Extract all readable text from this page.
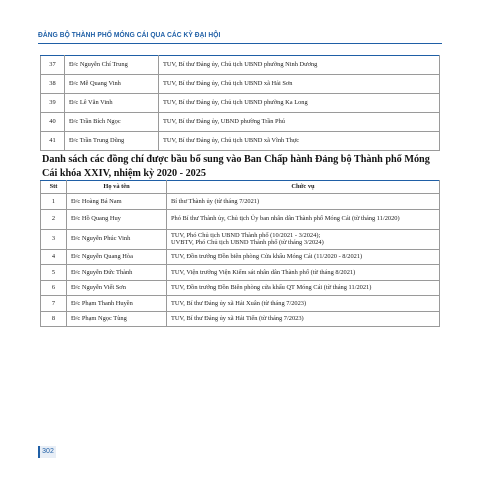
ĐẢNG BỘ THÀNH PHỐ MÓNG CÁI QUA CÁC KỲ ĐẠI HỘI
37	Đ/c Nguyễn Chí Trung	TUV, Bí thư Đảng ủy, Chủ tịch UBND phường Ninh Dương
38	Đ/c Mễ Quang Vinh	TUV, Bí thư Đảng ủy, Chủ tịch UBND xã Hải Sơn
39	Đ/c Lê Văn Vinh	TUV, Bí thư Đảng ủy, Chủ tịch UBND phường Ka Long
40	Đ/c Trần Bích Ngọc	TUV, Bí thư Đảng ủy, UBND phường Trần Phú
41	Đ/c Trần Trung Dũng	TUV, Bí thư Đảng ủy, Chủ tịch UBND xã Vĩnh Thực
Danh sách các đồng chí được bầu bổ sung vào Ban Chấp hành Đảng bộ Thành phố Móng Cái khóa XXIV, nhiệm kỳ 2020 - 2025
Stt	Họ và tên	Chức vụ
1	Đ/c Hoàng Bá Nam	Bí thư Thành ủy (từ tháng 7/2021)
2	Đ/c Hồ Quang Huy	Phó Bí thư Thành ủy, Chủ tịch Ủy ban nhân dân Thành phố Móng Cái (từ tháng 11/2020)
3	Đ/c Nguyễn Phúc Vinh	TUV, Phó Chủ tịch UBND Thành phố (10/2021 - 3/2024);
UVBTV, Phó Chủ tịch UBND Thành phố (từ tháng 3/2024)

4	Đ/c Nguyễn Quang Hòa	TUV, Đồn trưởng Đồn biên phòng Cửa khẩu Móng Cái (11/2020 - 8/2021)
5	Đ/c Nguyễn Đức Thành	TUV, Viện trưởng Viện Kiểm sát nhân dân Thành phố (từ tháng 8/2021)
6	Đ/c Nguyễn Viết Sơn	TUV, Đồn trưởng Đồn Biên phòng cửa khẩu QT Móng Cái (từ tháng 11/2021)
7	Đ/c Phạm Thanh Huyền	TUV, Bí thư Đảng ủy xã Hải Xuân (từ tháng 7/2023)
8	Đ/c Phạm Ngọc Tùng	TUV, Bí thư Đảng ủy xã Hải Tiến (từ tháng 7/2023)
302
